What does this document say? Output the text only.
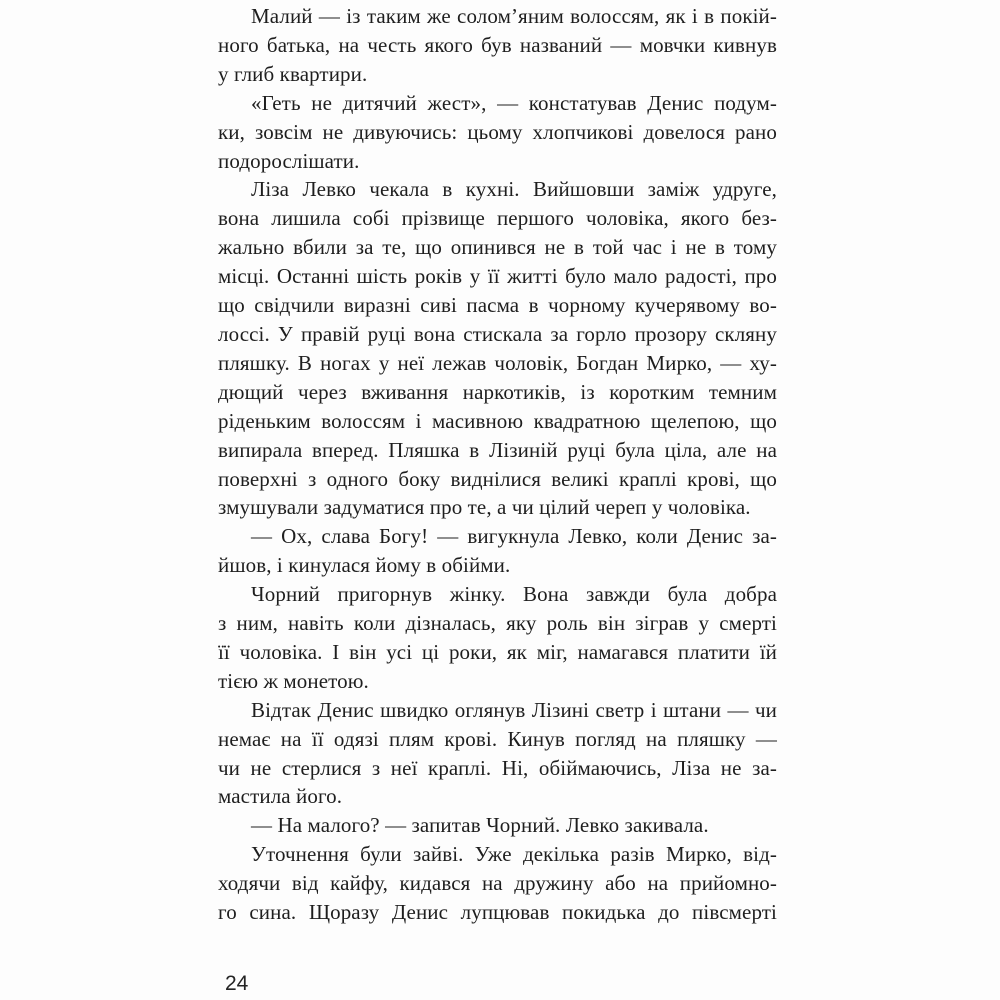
Малий — із таким же солом’яним волоссям, як і в покій-
ного батька, на честь якого був названий — мовчки кивнув
у глиб квартири.
«Геть не дитячий жест», — констатував Денис подум-
ки, зовсім не дивуючись: цьому хлопчикові довелося рано
подорослішати.
Ліза Левко чекала в кухні. Вийшовши заміж удруге,
вона лишила собі прізвище першого чоловіка, якого без-
жально вбили за те, що опинився не в той час і не в тому
місці. Останні шість років у її житті було мало радості, про
що свідчили виразні сиві пасма в чорному кучерявому во-
лоссі. У правій руці вона стискала за горло прозору скляну
пляшку. В ногах у неї лежав чоловік, Богдан Мирко, — ху-
дющий через вживання наркотиків, із коротким темним
ріденьким волоссям і масивною квадратною щелепою, що
випирала вперед. Пляшка в Лізиній руці була ціла, але на
поверхні з одного боку виднілися великі краплі крові, що
змушували задуматися про те, а чи цілий череп у чоловіка.
— Ох, слава Богу! — вигукнула Левко, коли Денис за-
йшов, і кинулася йому в обійми.
Чорний пригорнув жінку. Вона завжди була добра
з ним, навіть коли дізналась, яку роль він зіграв у смерті
її чоловіка. І він усі ці роки, як міг, намагався платити їй
тією ж монетою.
Відтак Денис швидко оглянув Лізині светр і штани — чи
немає на її одязі плям крові. Кинув погляд на пляшку —
чи не стерлися з неї краплі. Ні, обіймаючись, Ліза не за-
мастила його.
— На малого? — запитав Чорний. Левко закивала.
Уточнення були зайві. Уже декілька разів Мирко, від-
ходячи від кайфу, кидався на дружину або на прийомно-
го сина. Щоразу Денис лупцював покидька до півсмерті
24
